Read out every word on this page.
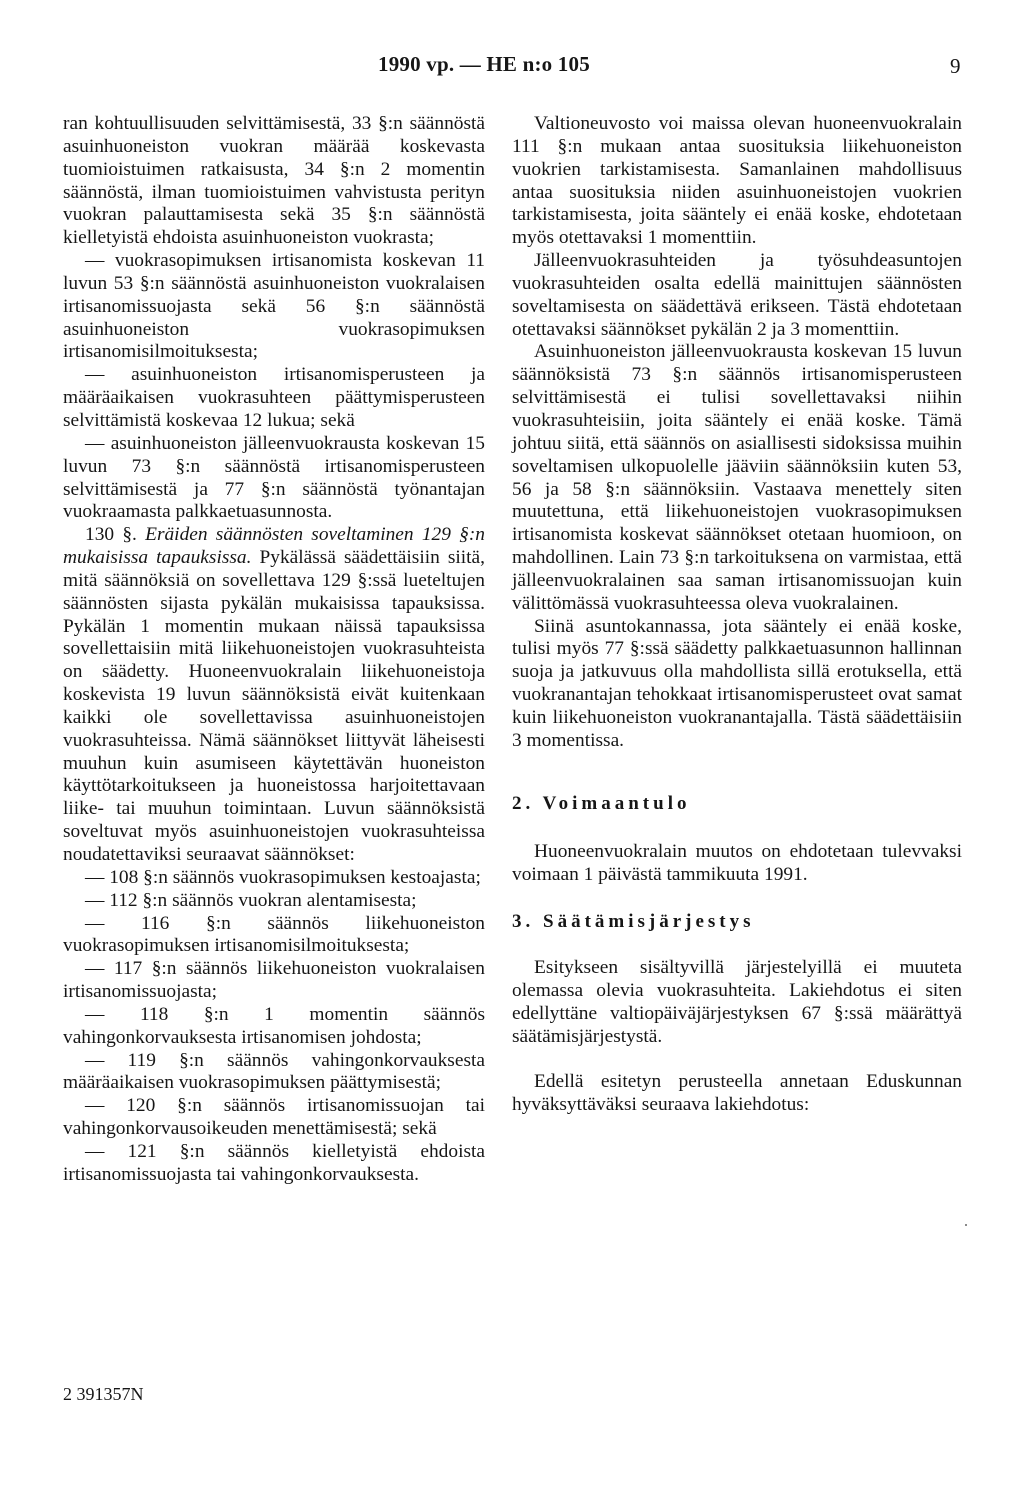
1990 vp. — HE n:o 105	9

ran kohtuullisuuden selvittämisestä, 33 §:n säännöstä asuinhuoneiston vuokran määrää koskevasta tuomioistuimen ratkaisusta, 34 §:n 2 momentin säännöstä, ilman tuomioistuimen vahvistusta perityn vuokran palauttamisesta sekä 35 §:n säännöstä kielletyistä ehdoista asuinhuoneiston vuokrasta;

— vuokrasopimuksen irtisanomista koskevan 11 luvun 53 §:n säännöstä asuinhuoneiston vuokralaisen irtisanomissuojasta sekä 56 §:n säännöstä asuinhuoneiston vuokrasopimuksen irtisanomisilmoituksesta;

— asuinhuoneiston irtisanomisperusteen ja määräaikaisen vuokrasuhteen päättymisperusteen selvittämistä koskevaa 12 lukua; sekä

— asuinhuoneiston jälleenvuokrausta koskevan 15 luvun 73 §:n säännöstä irtisanomisperusteen selvittämisestä ja 77 §:n säännöstä työnantajan vuokraamasta palkkaetuasunnosta.

130 §. Eräiden säännösten soveltaminen 129 §:n mukaisissa tapauksissa. Pykälässä säädettäisiin siitä, mitä säännöksiä on sovellettava 129 §:ssä lueteltujen säännösten sijasta pykälän mukaisissa tapauksissa. Pykälän 1 momentin mukaan näissä tapauksissa sovellettaisiin mitä liikehuoneistojen vuokrasuhteista on säädetty. Huoneenvuokralain liikehuoneistoja koskevista 19 luvun säännöksistä eivät kuitenkaan kaikki ole sovellettavissa asuinhuoneistojen vuokrasuhteissa. Nämä säännökset liittyvät läheisesti muuhun kuin asumiseen käytettävän huoneiston käyttötarkoitukseen ja huoneistossa harjoitettavaan liike- tai muuhun toimintaan. Luvun säännöksistä soveltuvat myös asuinhuoneistojen vuokrasuhteissa noudatettaviksi seuraavat säännökset:

— 108 §:n säännös vuokrasopimuksen kestoajasta;

— 112 §:n säännös vuokran alentamisesta;

— 116 §:n säännös liikehuoneiston vuokrasopimuksen irtisanomisilmoituksesta;

— 117 §:n säännös liikehuoneiston vuokralaisen irtisanomissuojasta;

— 118 §:n 1 momentin säännös vahingonkorvauksesta irtisanomisen johdosta;

— 119 §:n säännös vahingonkorvauksesta määräaikaisen vuokrasopimuksen päättymisestä;

— 120 §:n säännös irtisanomissuojan tai vahingonkorvausoikeuden menettämisestä; sekä

— 121 §:n säännös kielletyistä ehdoista irtisanomissuojasta tai vahingonkorvauksesta.

Valtioneuvosto voi maissa olevan huoneenvuokralain 111 §:n mukaan antaa suosituksia liikehuoneiston vuokrien tarkistamisesta. Samanlainen mahdollisuus antaa suosituksia niiden asuinhuoneistojen vuokrien tarkistamisesta, joita sääntely ei enää koske, ehdotetaan myös otettavaksi 1 momenttiin.

Jälleenvuokrasuhteiden ja työsuhdeasuntojen vuokrasuhteiden osalta edellä mainittujen säännösten soveltamisesta on säädettävä erikseen. Tästä ehdotetaan otettavaksi säännökset pykälän 2 ja 3 momenttiin.

Asuinhuoneiston jälleenvuokrausta koskevan 15 luvun säännöksistä 73 §:n säännös irtisanomisperusteen selvittämisestä ei tulisi sovellettavaksi niihin vuokrasuhteisiin, joita sääntely ei enää koske. Tämä johtuu siitä, että säännös on asiallisesti sidoksissa muihin soveltamisen ulkopuolelle jääviin säännöksiin kuten 53, 56 ja 58 §:n säännöksiin. Vastaava menettely siten muutettuna, että liikehuoneistojen vuokrasopimuksen irtisanomista koskevat säännökset otetaan huomioon, on mahdollinen. Lain 73 §:n tarkoituksena on varmistaa, että jälleenvuokralainen saa saman irtisanomissuojan kuin välittömässä vuokrasuhteessa oleva vuokralainen.

Siinä asuntokannassa, jota sääntely ei enää koske, tulisi myös 77 §:ssä säädetty palkkaetuasunnon hallinnan suoja ja jatkuvuus olla mahdollista sillä erotuksella, että vuokranantajan tehokkaat irtisanomisperusteet ovat samat kuin liikehuoneiston vuokranantajalla. Tästä säädettäisiin 3 momentissa.

2. Voimaantulo

Huoneenvuokralain muutos on ehdotetaan tulevvaksi voimaan 1 päivästä tammikuuta 1991.

3. Säätämisjärjestys

Esitykseen sisältyvillä järjestelyillä ei muuteta olemassa olevia vuokrasuhteita. Lakiehdotus ei siten edellyttäne valtiopäiväjärjestyksen 67 §:ssä määrättyä säätämisjärjestystä.

Edellä esitetyn perusteella annetaan Eduskunnan hyväksyttäväksi seuraava lakiehdotus:

2 391357N
